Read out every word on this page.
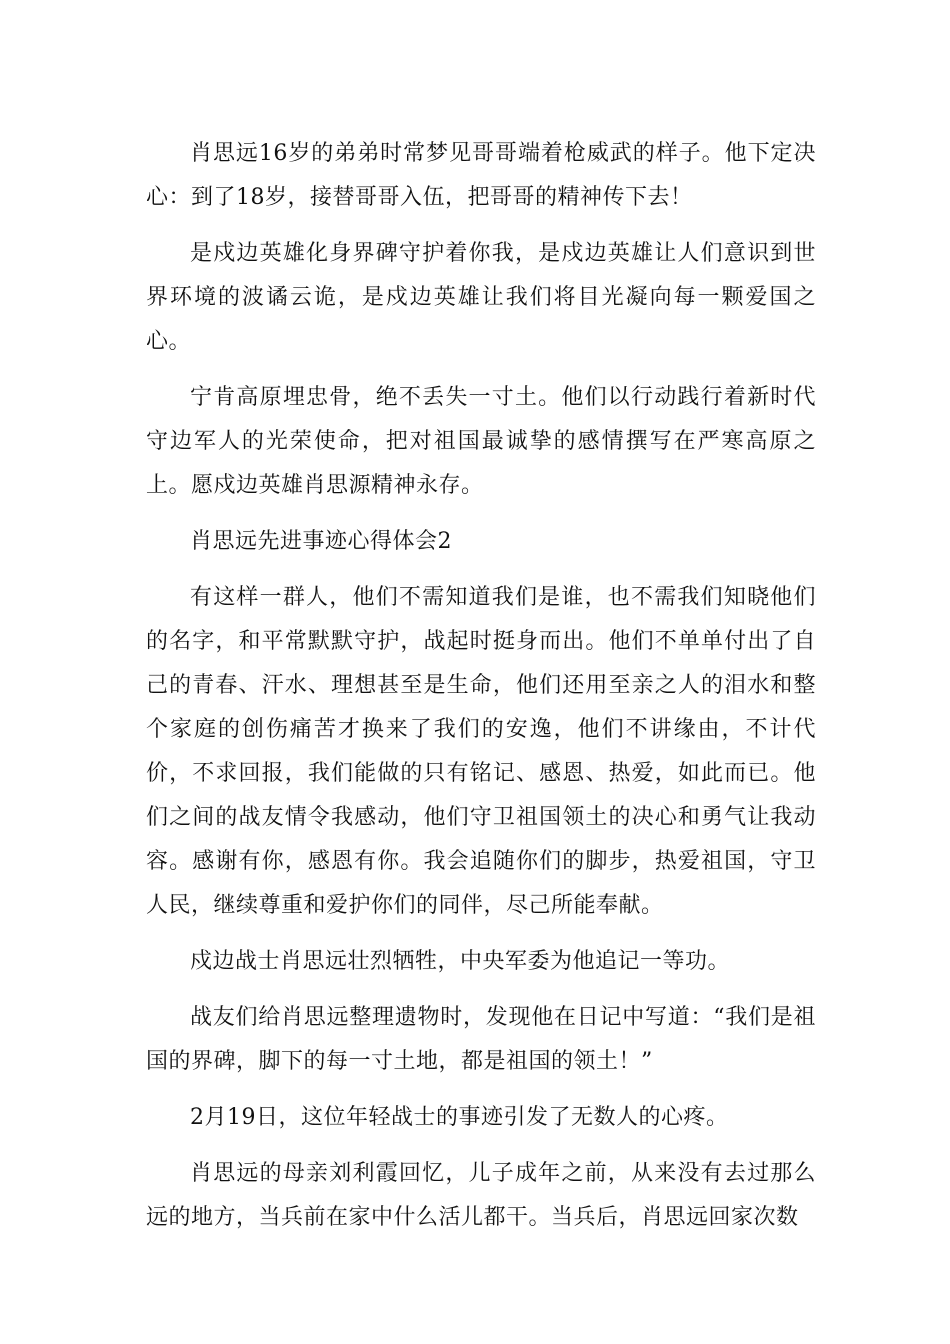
肖思远16岁的弟弟时常梦见哥哥端着枪威武的样子。他下定决心：到了18岁，接替哥哥入伍，把哥哥的精神传下去！

是戍边英雄化身界碑守护着你我，是戍边英雄让人们意识到世界环境的波谲云诡，是戍边英雄让我们将目光凝向每一颗爱国之心。

宁肯高原埋忠骨，绝不丢失一寸土。他们以行动践行着新时代守边军人的光荣使命，把对祖国最诚挚的感情撰写在严寒高原之上。愿戍边英雄肖思源精神永存。

肖思远先进事迹心得体会2

有这样一群人，他们不需知道我们是谁，也不需我们知晓他们的名字，和平常默默守护，战起时挺身而出。他们不单单付出了自己的青春、汗水、理想甚至是生命，他们还用至亲之人的泪水和整个家庭的创伤痛苦才换来了我们的安逸，他们不讲缘由，不计代价，不求回报，我们能做的只有铭记、感恩、热爱，如此而已。他们之间的战友情令我感动，他们守卫祖国领土的决心和勇气让我动容。感谢有你，感恩有你。我会追随你们的脚步，热爱祖国，守卫人民，继续尊重和爱护你们的同伴，尽己所能奉献。

戍边战士肖思远壮烈牺牲，中央军委为他追记一等功。

战友们给肖思远整理遗物时，发现他在日记中写道：“我们是祖国的界碑，脚下的每一寸土地，都是祖国的领土！”

2月19日，这位年轻战士的事迹引发了无数人的心疼。

肖思远的母亲刘利霞回忆，儿子成年之前，从来没有去过那么远的地方，当兵前在家中什么活儿都干。当兵后，肖思远回家次数
